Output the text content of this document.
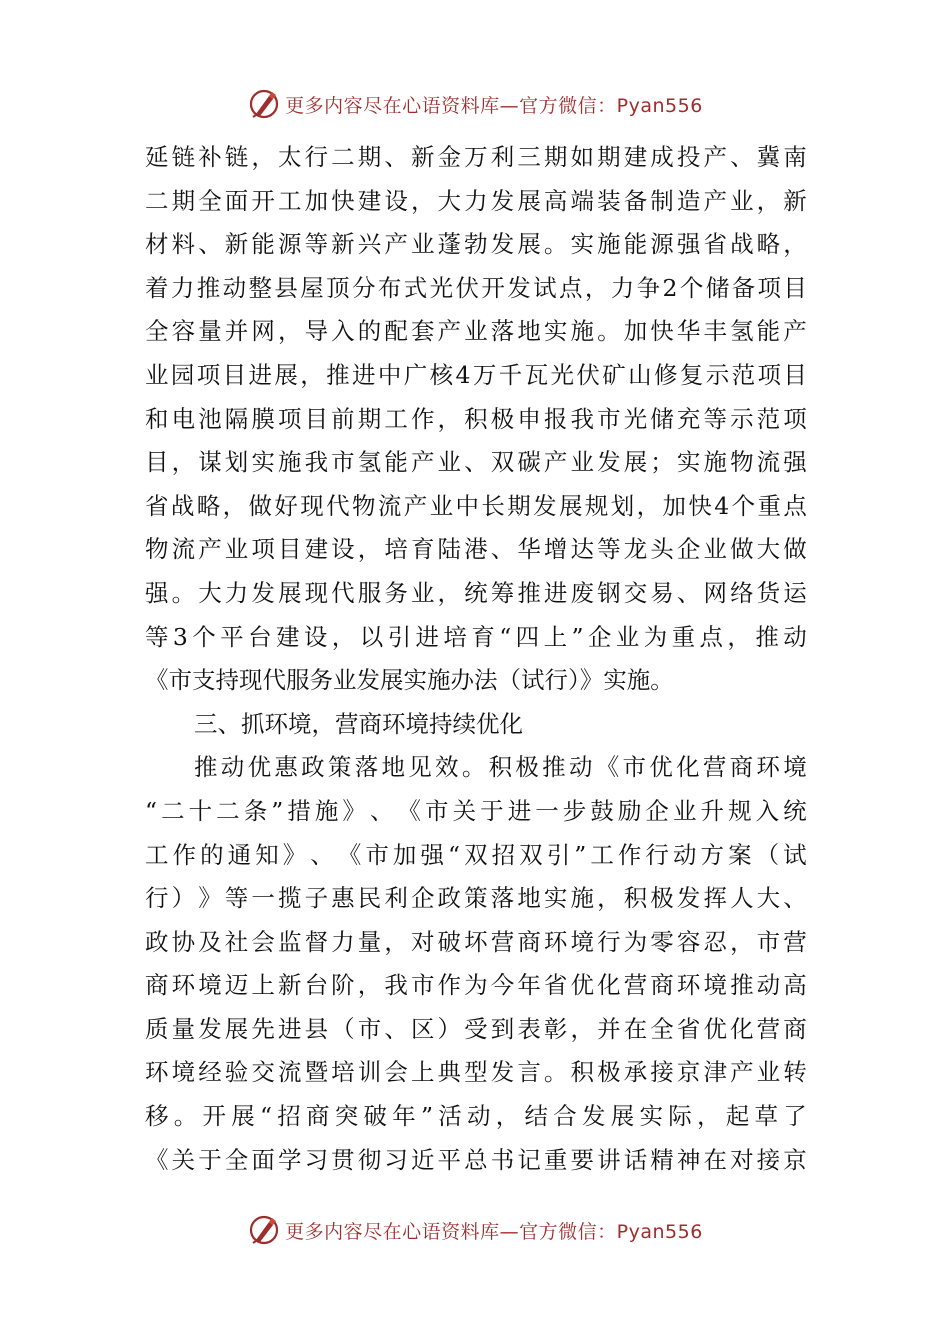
更多内容尽在心语资料库—官方微信：Pyan556
延 链 补 链 ， 太 行 二 期 、 新 金 万 利 三 期 如 期 建 成 投 产 、 冀 南
二 期 全 面 开 工 加 快 建 设 ， 大 力 发 展 高 端 装 备 制 造 产 业 ， 新
材 料 、 新 能 源 等 新 兴 产 业 蓬 勃 发 展 。 实 施 能 源 强 省 战 略 ，
着 力 推 动 整 县 屋 顶 分 布 式 光 伏 开 发 试 点 ， 力 争 2 个 储 备 项 目
全 容 量 并 网 ， 导 入 的 配 套 产 业 落 地 实 施 。 加 快 华 丰 氢 能 产
业 园 项 目 进 展 ， 推 进 中 广 核 4 万 千 瓦 光 伏 矿 山 修 复 示 范 项 目
和 电 池 隔 膜 项 目 前 期 工 作 ， 积 极 申 报 我 市 光 储 充 等 示 范 项
目 ， 谋 划 实 施 我 市 氢 能 产 业 、 双 碳 产 业 发 展 ； 实 施 物 流 强
省 战 略 ， 做 好 现 代 物 流 产 业 中 长 期 发 展 规 划 ， 加 快 4 个 重 点
物 流 产 业 项 目 建 设 ， 培 育 陆 港 、 华 增 达 等 龙 头 企 业 做 大 做
强 。 大 力 发 展 现 代 服 务 业 ， 统 筹 推 进 废 钢 交 易 、 网 络 货 运
等 3 个 平 台 建 设 ， 以 引 进 培 育 “ 四 上 ” 企 业 为 重 点 ， 推 动
《市支持现代服务业发展实施办法（试行）》实施。
三、抓环境，营商环境持续优化
推 动 优 惠 政 策 落 地 见 效 。 积 极 推 动 《 市 优 化 营 商 环 境
“ 二 十 二 条 ” 措 施 》 、 《 市 关 于 进 一 步 鼓 励 企 业 升 规 入 统
工 作 的 通 知 》 、 《 市 加 强 “ 双 招 双 引 ” 工 作 行 动 方 案 （ 试
行 ） 》 等 一 揽 子 惠 民 利 企 政 策 落 地 实 施 ， 积 极 发 挥 人 大 、
政 协 及 社 会 监 督 力 量 ， 对 破 坏 营 商 环 境 行 为 零 容 忍 ， 市 营
商 环 境 迈 上 新 台 阶 ， 我 市 作 为 今 年 省 优 化 营 商 环 境 推 动 高
质 量 发 展 先 进 县 （ 市 、 区 ） 受 到 表 彰 ， 并 在 全 省 优 化 营 商
环 境 经 验 交 流 暨 培 训 会 上 典 型 发 言 。 积 极 承 接 京 津 产 业 转
移 。 开 展 “ 招 商 突 破 年 ” 活 动 ， 结 合 发 展 实 际 ， 起 草 了
《 关 于 全 面 学 习 贯 彻 习 近 平 总 书 记 重 要 讲 话 精 神 在 对 接 京
更多内容尽在心语资料库—官方微信：Pyan556
